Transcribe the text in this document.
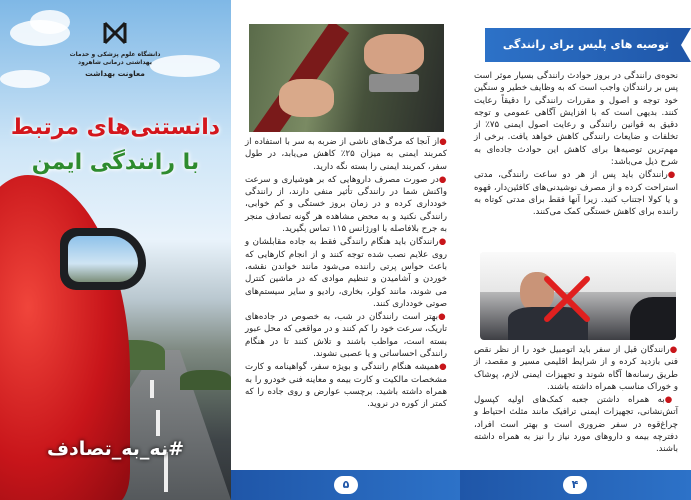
دانشگاه علوم پزشکی و خدمات بهداشتی درمانی شاهرود
معاونت بهداشت
دانستنی‌های مرتبط
با رانندگی ایمن
#نه_به_تصادف

●از آنجا که مرگ‌های ناشی از ضربه به سر با استفاده از کمربند ایمنی به میزان ۲۵٪ کاهش می‌یابد، در طول سفر، کمربند ایمنی را بسته نگه دارید.

●در صورت مصرف داروهایی که بر هوشیاری و سرعت واکنش شما در رانندگی تأثیر منفی دارند، از رانندگی خودداری کرده و در زمان بروز خستگی و کم خوابی، رانندگی نکنید و به محض مشاهده هر گونه تصادف منجر به جرح بلافاصله با اورژانس ۱۱۵ تماس بگیرید.

●رانندگان باید هنگام رانندگی فقط به جاده مقابلشان و روی علایم نصب شده توجه کنند و از انجام کارهایی که باعث حواس پرتی راننده می‌شود مانند خواندن نقشه، خوردن و آشامیدن و تنظیم موادی که در ماشین کنترل می شوند، مانند کولر، بخاری، رادیو و سایر سیستم‌های صوتی خودداری کنند.

●بهتر است رانندگان در شب، به خصوص در جاده‌های تاریک، سرعت خود را کم کنند و در مواقعی که محل عبور بسته است، مواظب باشند و تلاش کنند تا در هنگام رانندگی احساساتی و یا عصبی نشوند.

●همیشه هنگام رانندگی و بویژه سفر، گواهینامه و کارت مشخصات مالکیت و کارت بیمه و معاینه فنی خودرو را به همراه داشته باشید. برچسب عوارض و روی جاده را که کمتر از کوره در نروید.

۵
توصیه های پلیس برای رانندگی

نحوه‌ی رانندگی در بروز حوادث رانندگی بسیار موثر است پس بر رانندگان واجب است که به وظایف خطیر و سنگین خود توجه و اصول و مقررات رانندگی را دقیقاً رعایت کنند. بدیهی است که با افزایش آگاهی عمومی و توجه دقیق به قوانین رانندگی و رعایت اصول ایمنی ۷۵٪ از تخلفات و ضایعات رانندگی کاهش خواهد یافت. برخی از مهم‌ترین توصیه‌ها برای کاهش این حوادث جاده‌ای به شرح ذیل می‌باشد:

●رانندگان باید پس از هر دو ساعت رانندگی، مدتی استراحت کرده و از مصرف نوشیدنی‌های کافئین‌دار، قهوه و یا کولا اجتناب کنید. زیرا آنها فقط برای مدتی کوتاه به راننده برای کاهش خستگی کمک می‌کنند.

●رانندگان قبل از سفر باید اتومبیل خود را از نظر نقص فنی بازدید کرده و از شرایط اقلیمی مسیر و مقصد، از طریق رسانه‌ها آگاه شوند و تجهیزات ایمنی لازم، پوشاک و خوراک مناسب همراه داشته باشند.

●به همراه داشتن جعبه کمک‌های اولیه کپسول آتش‌نشانی، تجهیزات ایمنی ترافیک مانند مثلث احتیاط و چراغ‌قوه در سفر ضروری است و بهتر است افراد، دفترچه بیمه و داروهای مورد نیاز را نیز به همراه داشته باشند.

۴
